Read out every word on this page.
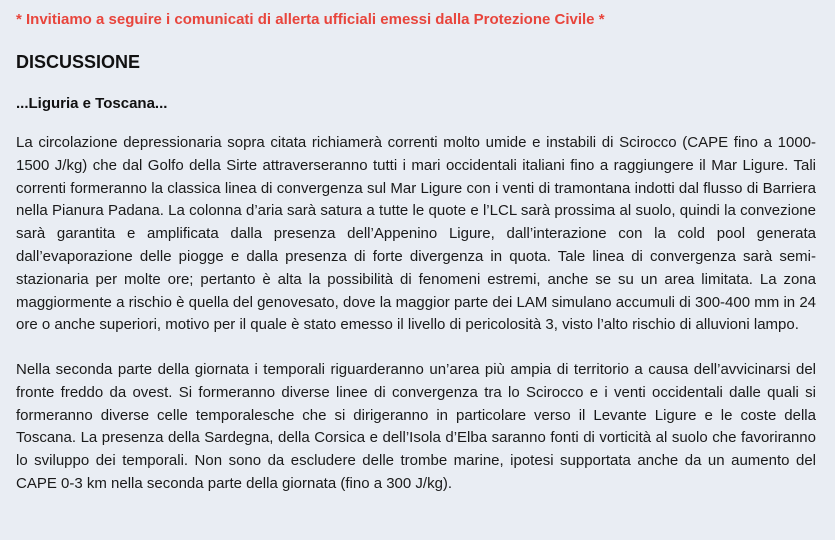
* Invitiamo a seguire i comunicati di allerta ufficiali emessi dalla Protezione Civile *
DISCUSSIONE
...Liguria e Toscana...

La circolazione depressionaria sopra citata richiamerà correnti molto umide e instabili di Scirocco (CAPE fino a 1000-1500 J/kg) che dal Golfo della Sirte attraverseranno tutti i mari occidentali italiani fino a raggiungere il Mar Ligure. Tali correnti formeranno la classica linea di convergenza sul Mar Ligure con i venti di tramontana indotti dal flusso di Barriera nella Pianura Padana. La colonna d’aria sarà satura a tutte le quote e l’LCL sarà prossima al suolo, quindi la convezione sarà garantita e amplificata dalla presenza dell’Appenino Ligure, dall’interazione con la cold pool generata dall’evaporazione delle piogge e dalla presenza di forte divergenza in quota. Tale linea di convergenza sarà semi-stazionaria per molte ore; pertanto è alta la possibilità di fenomeni estremi, anche se su un area limitata. La zona maggiormente a rischio è quella del genovesato, dove la maggior parte dei LAM simulano accumuli di 300-400 mm in 24 ore o anche superiori, motivo per il quale è stato emesso il livello di pericolosità 3, visto l’alto rischio di alluvioni lampo.

Nella seconda parte della giornata i temporali riguarderanno un’area più ampia di territorio a causa dell’avvicinarsi del fronte freddo da ovest. Si formeranno diverse linee di convergenza tra lo Scirocco e i venti occidentali dalle quali si formeranno diverse celle temporalesche che si dirigeranno in particolare verso il Levante Ligure e le coste della Toscana. La presenza della Sardegna, della Corsica e dell’Isola d’Elba saranno fonti di vorticità al suolo che favoriranno lo sviluppo dei temporali. Non sono da escludere delle trombe marine, ipotesi supportata anche da un aumento del CAPE 0-3 km nella seconda parte della giornata (fino a 300 J/kg).
